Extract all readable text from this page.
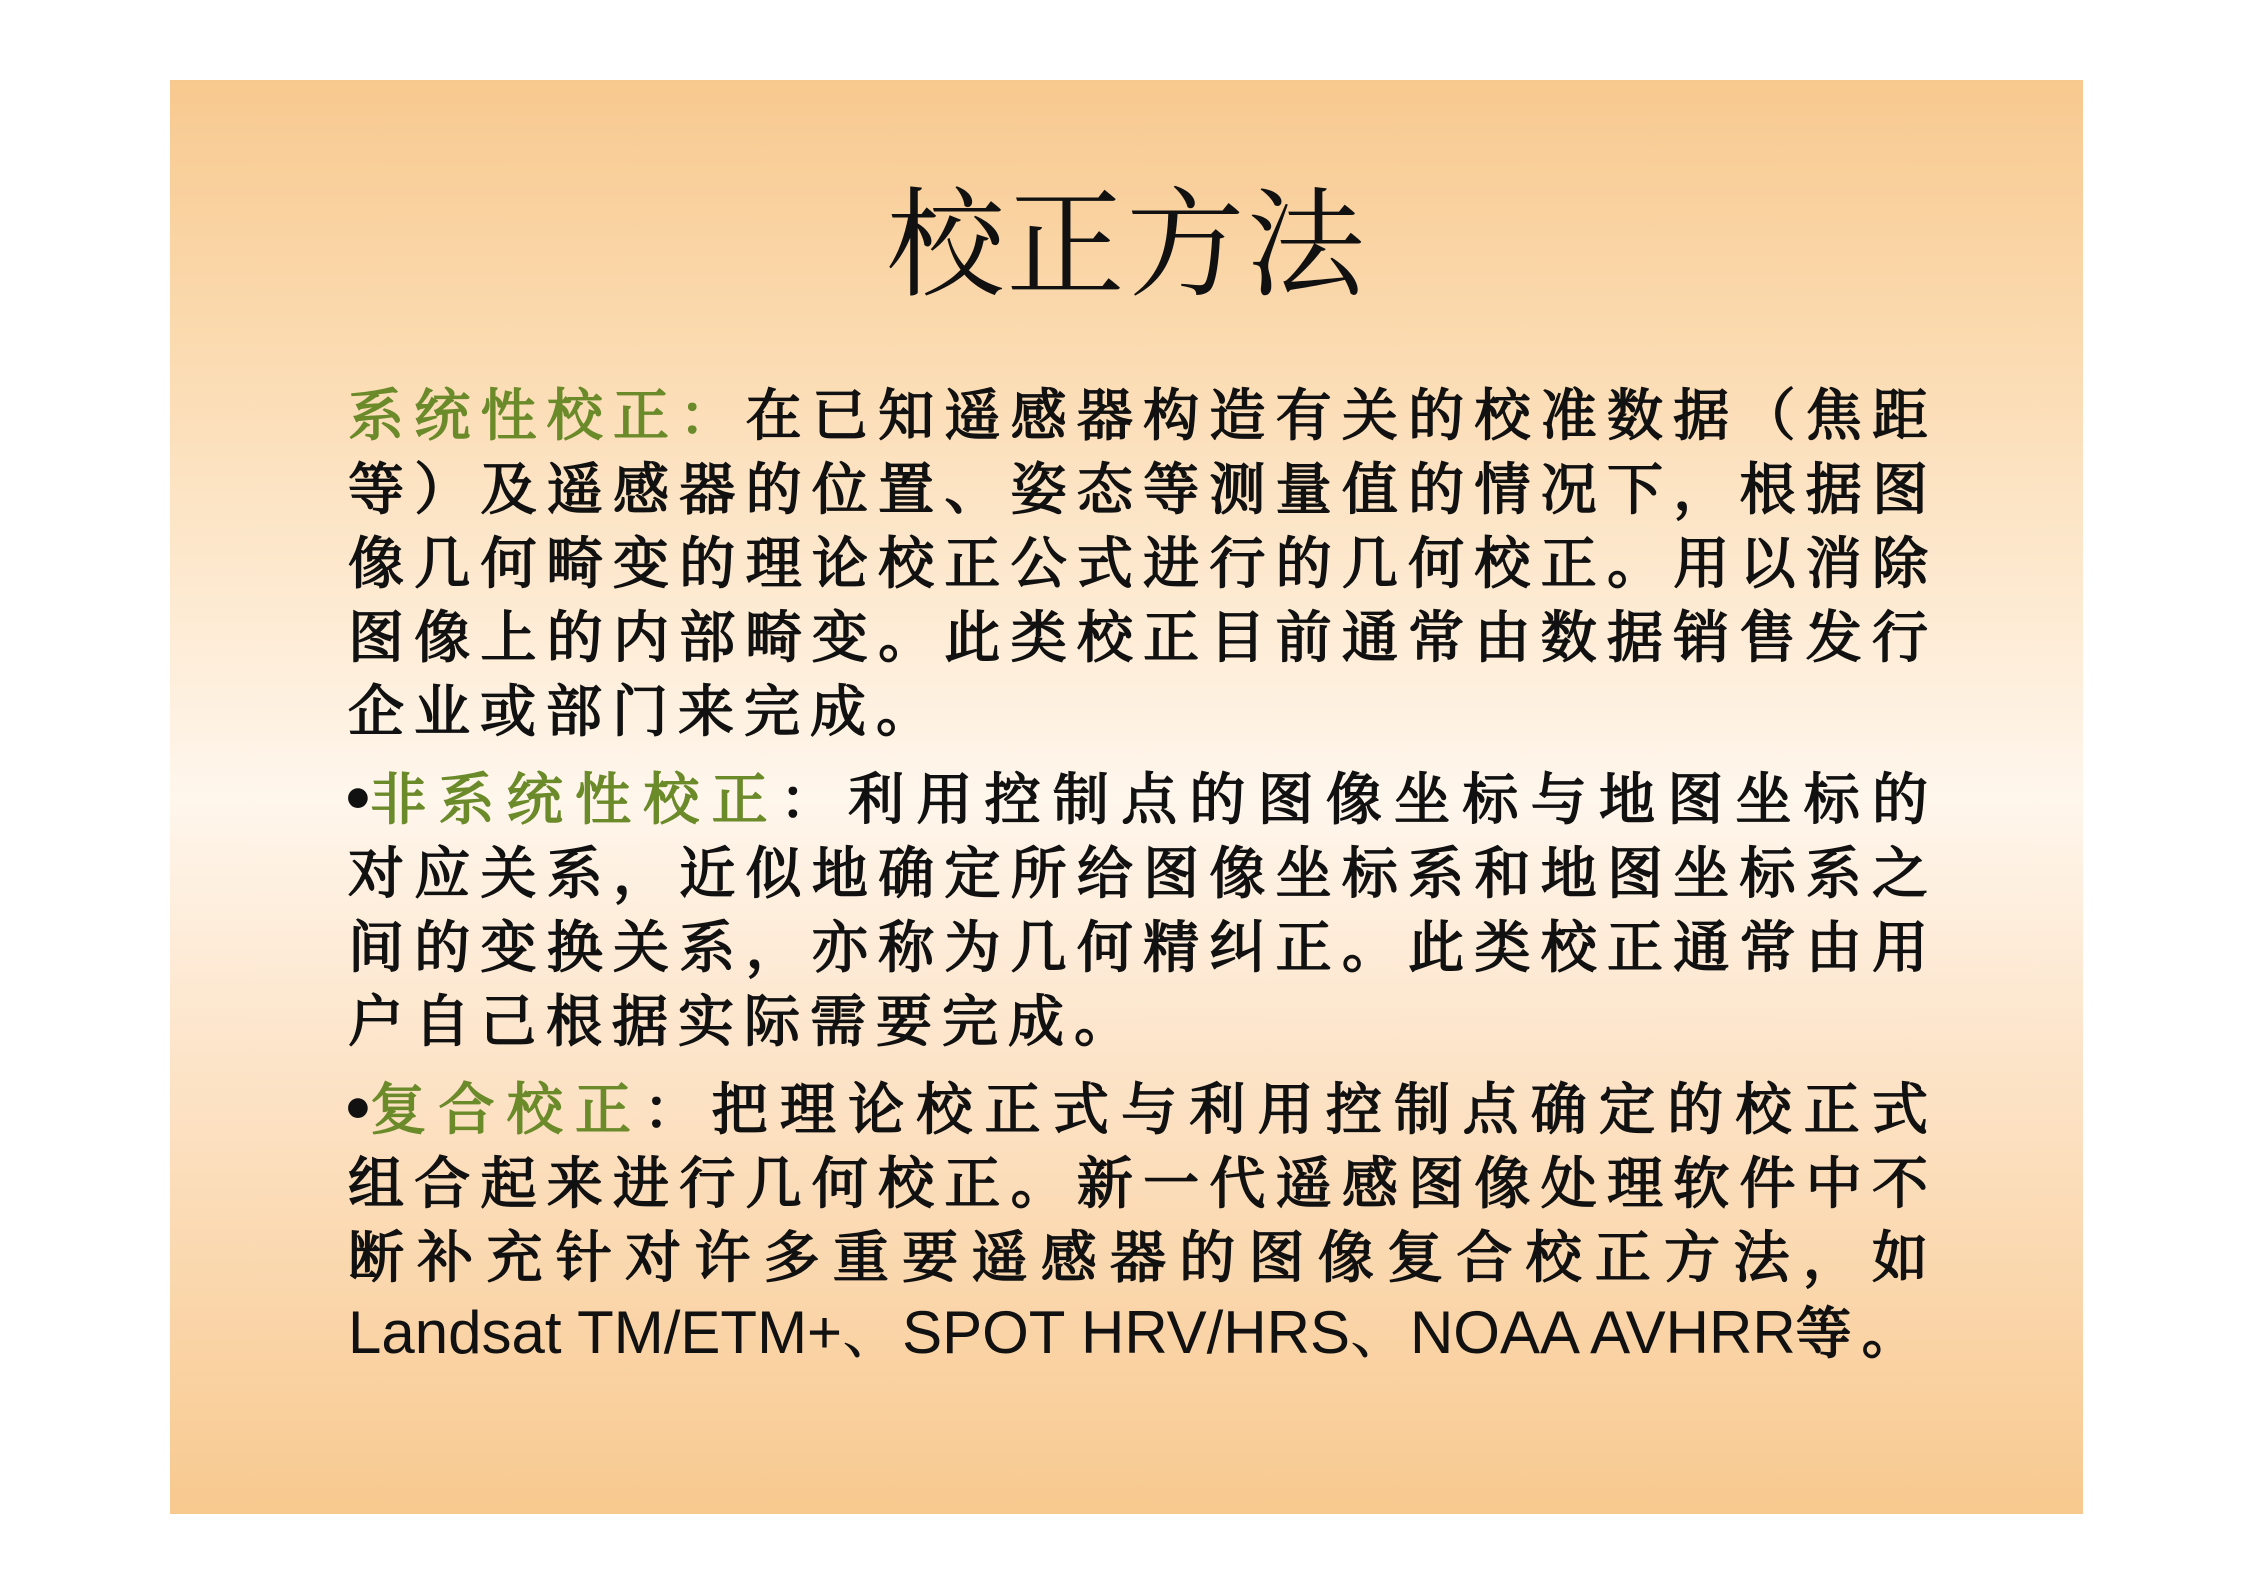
校正方法

系统性校正：在已知遥感器构造有关的校准数据（焦距等）及遥感器的位置、姿态等测量值的情况下，根据图像几何畸变的理论校正公式进行的几何校正。用以消除图像上的内部畸变。此类校正目前通常由数据销售发行企业或部门来完成。

•非系统性校正：利用控制点的图像坐标与地图坐标的对应关系，近似地确定所给图像坐标系和地图坐标系之间的变换关系，亦称为几何精纠正。此类校正通常由用户自己根据实际需要完成。

•复合校正：把理论校正式与利用控制点确定的校正式组合起来进行几何校正。新一代遥感图像处理软件中不断补充针对许多重要遥感器的图像复合校正方法，如Landsat TM/ETM+、SPOT HRV/HRS、NOAA AVHRR等。
